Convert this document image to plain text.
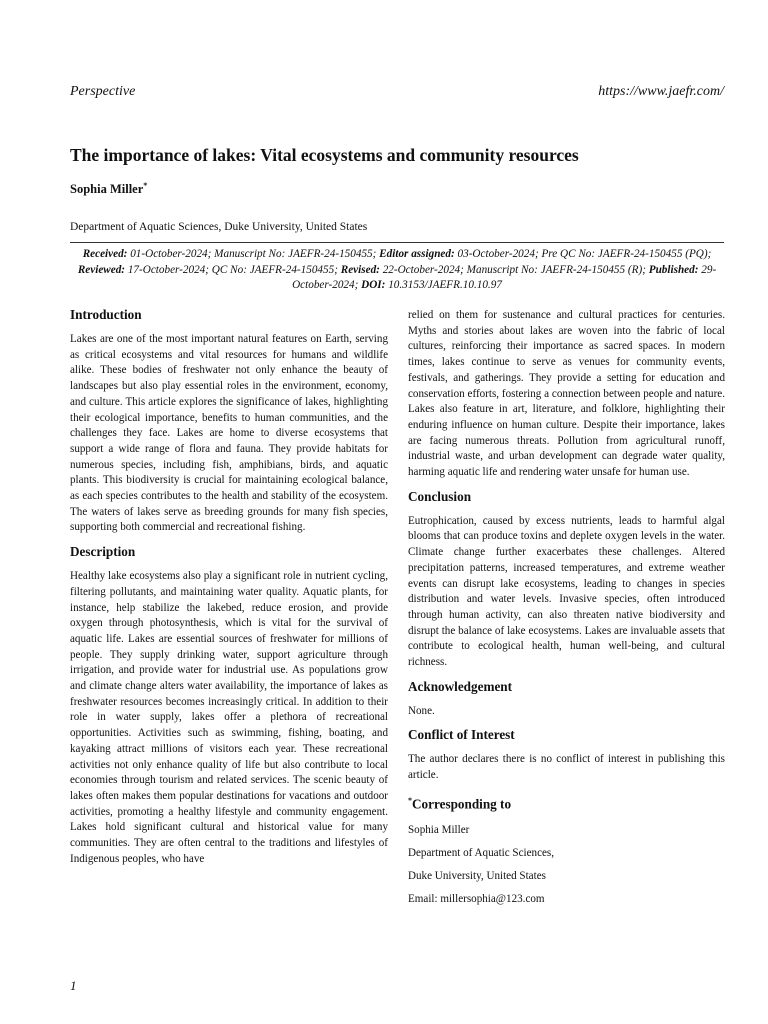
Perspective	https://www.jaefr.com/
The importance of lakes: Vital ecosystems and community resources
Sophia Miller*
Department of Aquatic Sciences, Duke University, United States
Received: 01-October-2024; Manuscript No: JAEFR-24-150455; Editor assigned: 03-October-2024; Pre QC No: JAEFR-24-150455 (PQ); Reviewed: 17-October-2024; QC No: JAEFR-24-150455; Revised: 22-October-2024; Manuscript No: JAEFR-24-150455 (R); Published: 29-October-2024; DOI: 10.3153/JAEFR.10.10.97
Introduction

Lakes are one of the most important natural features on Earth, serving as critical ecosystems and vital resources for humans and wildlife alike. These bodies of freshwater not only enhance the beauty of landscapes but also play essential roles in the environment, economy, and culture. This article explores the significance of lakes, highlighting their ecological importance, benefits to human communities, and the challenges they face. Lakes are home to diverse ecosystems that support a wide range of flora and fauna. They provide habitats for numerous species, including fish, amphibians, birds, and aquatic plants. This biodiversity is crucial for maintaining ecological balance, as each species contributes to the health and stability of the ecosystem. The waters of lakes serve as breeding grounds for many fish species, supporting both commercial and recreational fishing.

Description

Healthy lake ecosystems also play a significant role in nutrient cycling, filtering pollutants, and maintaining water quality. Aquatic plants, for instance, help stabilize the lakebed, reduce erosion, and provide oxygen through photosynthesis, which is vital for the survival of aquatic life. Lakes are essential sources of freshwater for millions of people. They supply drinking water, support agriculture through irrigation, and provide water for industrial use. As populations grow and climate change alters water availability, the importance of lakes as freshwater resources becomes increasingly critical. In addition to their role in water supply, lakes offer a plethora of recreational opportunities. Activities such as swimming, fishing, boating, and kayaking attract millions of visitors each year. These recreational activities not only enhance quality of life but also contribute to local economies through tourism and related services. The scenic beauty of lakes often makes them popular destinations for vacations and outdoor activities, promoting a healthy lifestyle and community engagement. Lakes hold significant cultural and historical value for many communities. They are often central to the traditions and lifestyles of Indigenous peoples, who have

relied on them for sustenance and cultural practices for centuries. Myths and stories about lakes are woven into the fabric of local cultures, reinforcing their importance as sacred spaces. In modern times, lakes continue to serve as venues for community events, festivals, and gatherings. They provide a setting for education and conservation efforts, fostering a connection between people and nature. Lakes also feature in art, literature, and folklore, highlighting their enduring influence on human culture. Despite their importance, lakes are facing numerous threats. Pollution from agricultural runoff, industrial waste, and urban development can degrade water quality, harming aquatic life and rendering water unsafe for human use.

Conclusion

Eutrophication, caused by excess nutrients, leads to harmful algal blooms that can produce toxins and deplete oxygen levels in the water. Climate change further exacerbates these challenges. Altered precipitation patterns, increased temperatures, and extreme weather events can disrupt lake ecosystems, leading to changes in species distribution and water levels. Invasive species, often introduced through human activity, can also threaten native biodiversity and disrupt the balance of lake ecosystems. Lakes are invaluable assets that contribute to ecological health, human well-being, and cultural richness.

Acknowledgement

None.

Conflict of Interest

The author declares there is no conflict of interest in publishing this article.

*Corresponding to
Sophia Miller
Department of Aquatic Sciences,
Duke University, United States
Email: millersophia@123.com
1
